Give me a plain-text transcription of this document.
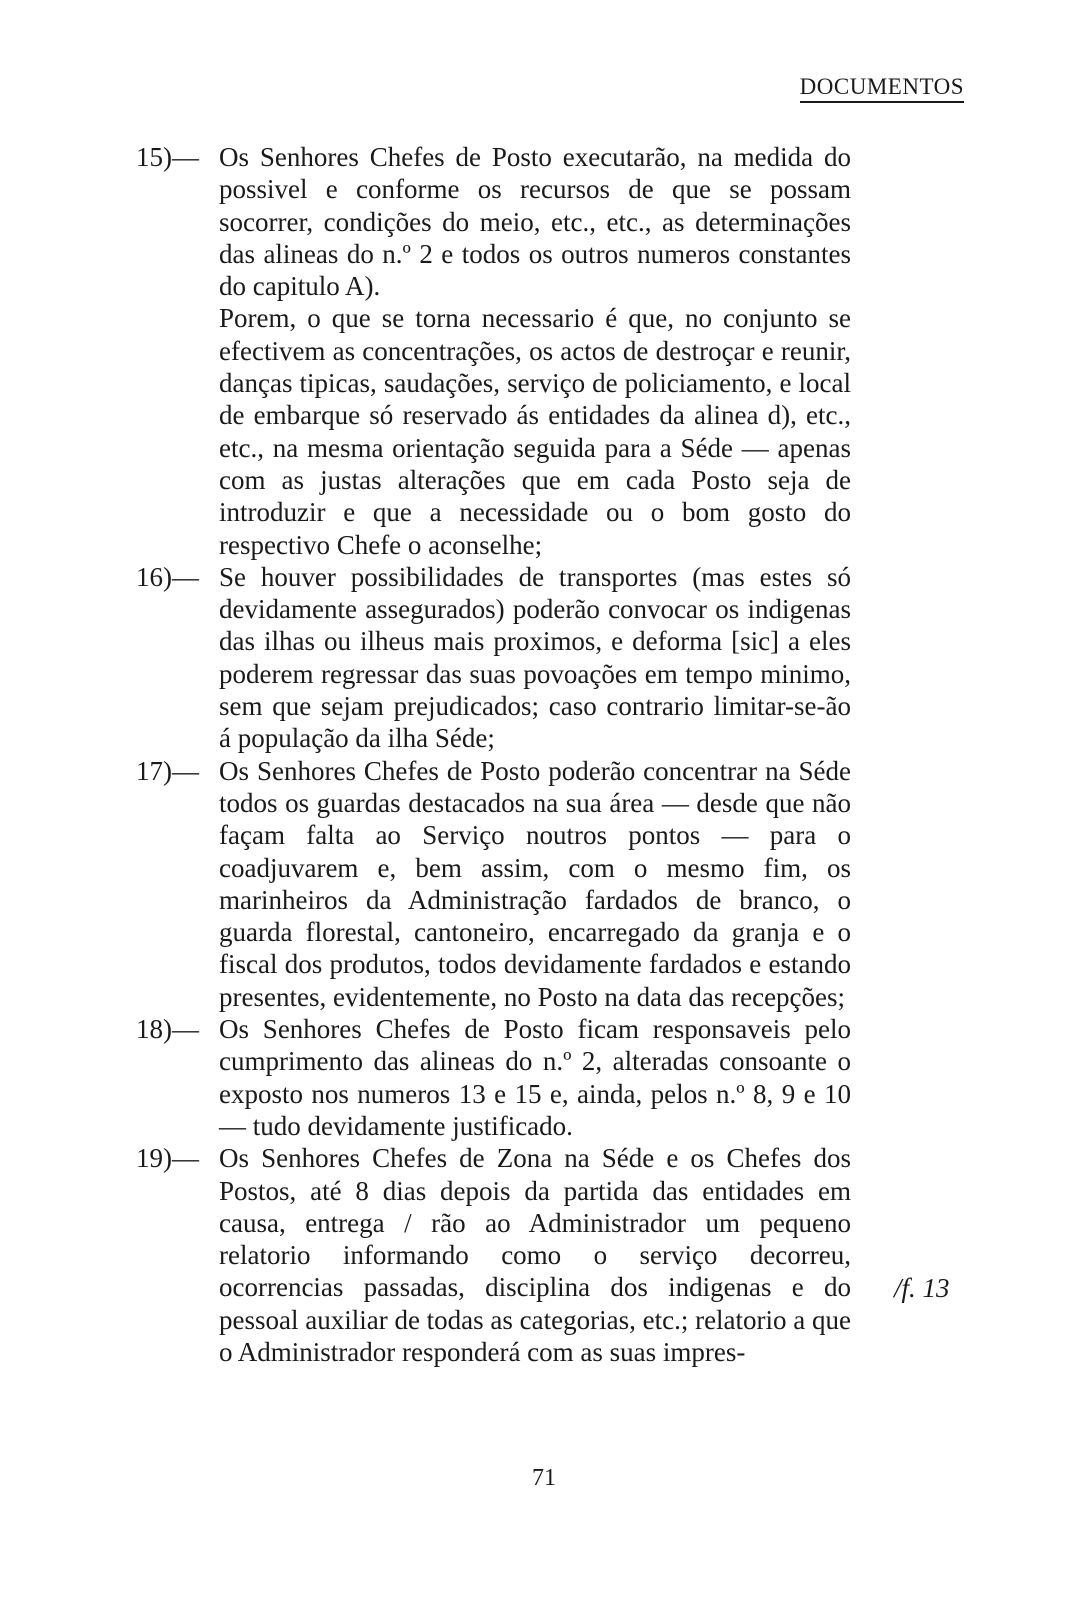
DOCUMENTOS
15)— Os Senhores Chefes de Posto executarão, na medida do possivel e conforme os recursos de que se possam socorrer, condições do meio, etc., etc., as determinações das alineas do n.º 2 e todos os outros numeros constantes do capitulo A).

Porem, o que se torna necessario é que, no conjunto se efectivem as concentrações, os actos de destroçar e reunir, danças tipicas, saudações, serviço de policiamento, e local de embarque só reservado ás entidades da alinea d), etc., etc., na mesma orientação seguida para a Séde — apenas com as justas alterações que em cada Posto seja de introduzir e que a necessidade ou o bom gosto do respectivo Chefe o aconselhe;

16)— Se houver possibilidades de transportes (mas estes só devidamente assegurados) poderão convocar os indigenas das ilhas ou ilheus mais proximos, e deforma [sic] a eles poderem regressar das suas povoações em tempo minimo, sem que sejam prejudicados; caso contrario limitar-se-ão á população da ilha Séde;

17)— Os Senhores Chefes de Posto poderão concentrar na Séde todos os guardas destacados na sua área — desde que não façam falta ao Serviço noutros pontos — para o coadjuvarem e, bem assim, com o mesmo fim, os marinheiros da Administração fardados de branco, o guarda florestal, cantoneiro, encarregado da granja e o fiscal dos produtos, todos devidamente fardados e estando presentes, evidentemente, no Posto na data das recepções;

18)— Os Senhores Chefes de Posto ficam responsaveis pelo cumprimento das alineas do n.º 2, alteradas consoante o exposto nos numeros 13 e 15 e, ainda, pelos n.º 8, 9 e 10 — tudo devidamente justificado.

19)— Os Senhores Chefes de Zona na Séde e os Chefes dos Postos, até 8 dias depois da partida das entidades em causa, entrega / rão ao Administrador um pequeno relatorio informando como o serviço decorreu, ocorrencias passadas, disciplina dos indigenas e do pessoal auxiliar de todas as categorias, etc.; relatorio a que o Administrador responderá com as suas impres-

/f. 13
71
